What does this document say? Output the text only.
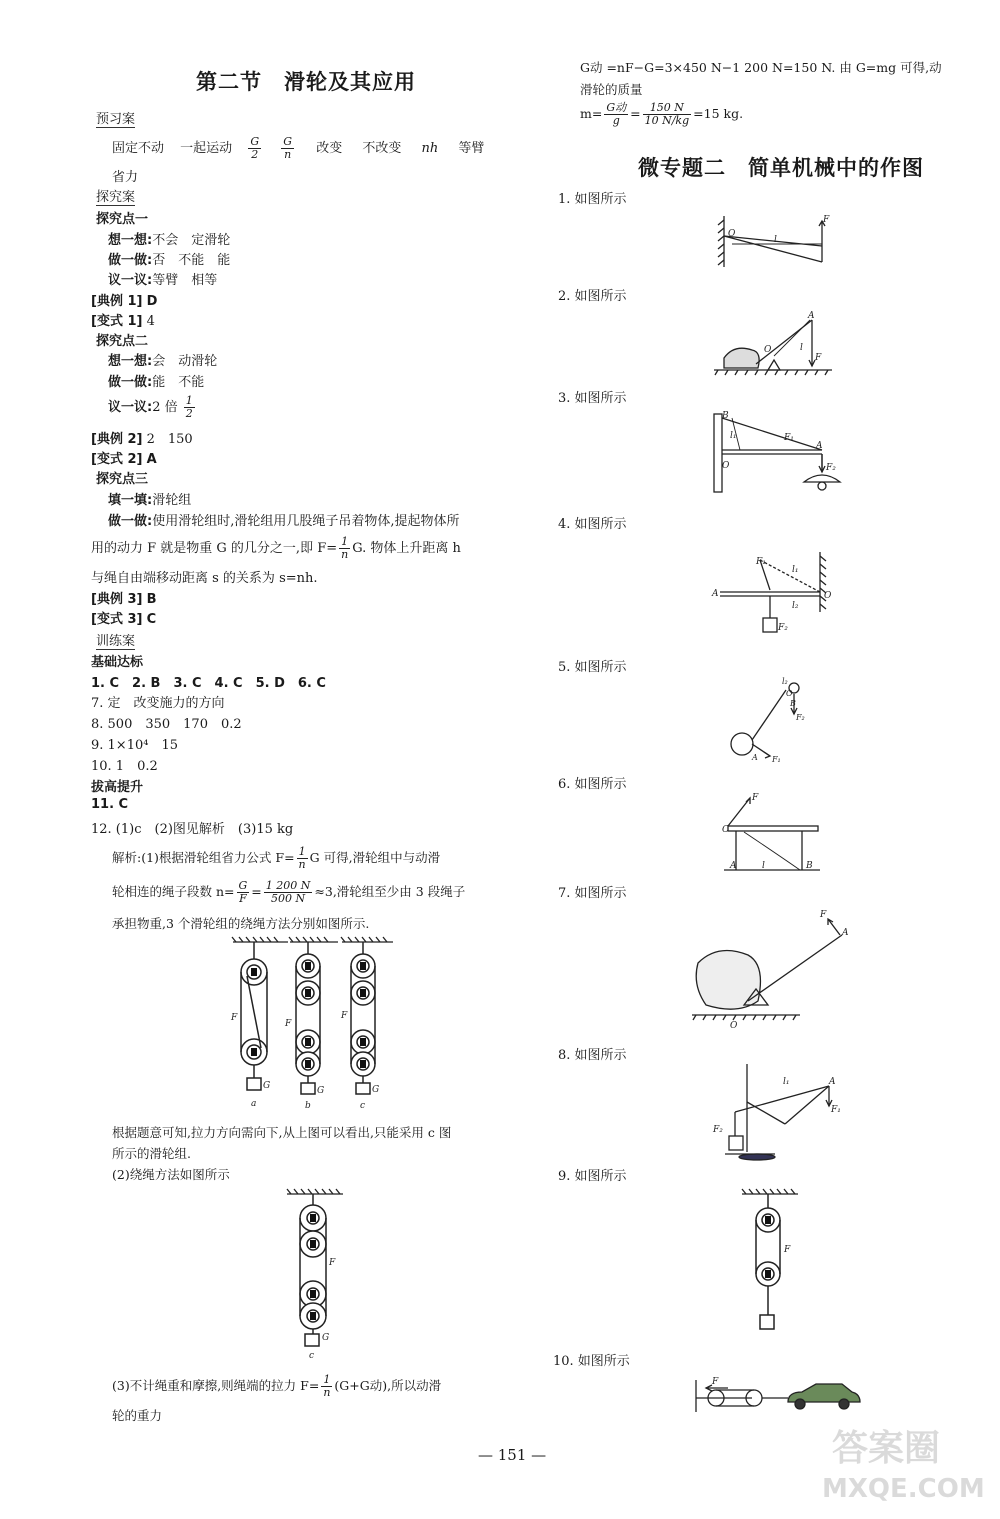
第二节　滑轮及其应用
预习案
固定不动 一起运动 $\frac{G}{2}$
$\frac{G}{n}$ 改变 不改变 nh 等臂
省力
探究案
探究点一
想一想:不会　定滑轮
做一做:否　不能　能
议一议:等臂　相等
[典例 1] D
[变式 1] 4
探究点二
想一想:会　动滑轮
做一做:能　不能
议一议:2 倍 $\frac{1}{2}$
[典例 2] 2　150
[变式 2] A
探究点三
填一填:滑轮组
做一做:使用滑轮组时,滑轮组用几股绳子吊着物体,提起物体所
用的动力 F 就是物重 G 的几分之一,即 $F= \frac{1}{n} G$. 物体上升距离 h
与绳自由端移动距离 s 的关系为 s=nh.
[典例 3] B
[变式 3] C
训练案
基础达标
1. C　2. B　3. C　4. C　5. D　6. C
7. 定　改变施力的方向
8. 500　350　170　0.2
9. 1×10⁴　15
10. 1　0.2
拔高提升
11. C
12. (1)c　(2)图见解析　(3)15 kg
解析:(1)根据滑轮组省力公式 $F= \frac{1}{n}$ G 可得,滑轮组中与动滑
轮相连的绳子段数 $n= \frac{G}{F} = \frac{1 200 N}{500 N} \approx 3$,滑轮组至少由 3 段绳子
承担物重,3 个滑轮组的绕绳方法分别如图所示.
F
F
F
G	G	G
a	b	c
根据题意可知,拉力方向需向下,从上图可以看出,只能采用 c 图
所示的滑轮组.
(2)绕绳方法如图所示
F
G
c
(3)不计绳重和摩擦,则绳端的拉力 $F= \frac{1}{n} (G+G$动),所以动滑
轮的重力
G动 =nF−G=3×450 N−1 200 N=150 N. 由 G=mg 可得,动
滑轮的质量
$m= \frac{\text{G动}}{g} = \frac{150 N}{10 N/kg} =15$ kg.
微专题二　简单机械中的作图
1. 如图所示
2. 如图所示
3. 如图所示
4. 如图所示
5. 如图所示
6. 如图所示
7. 如图所示
8. 如图所示
9. 如图所示
10. 如图所示
O
l
F
A
O	l
F
B
l₁	F₁
A
O	F₂
A
F₁
l₁
l₂
O
F₂
l₂
O
B
F₂
A F₁
C
F
A	l	B
F
A
O
A
l₁
F₂
F₁
F
F
— 151 —	答案圈
MXQE.COM
